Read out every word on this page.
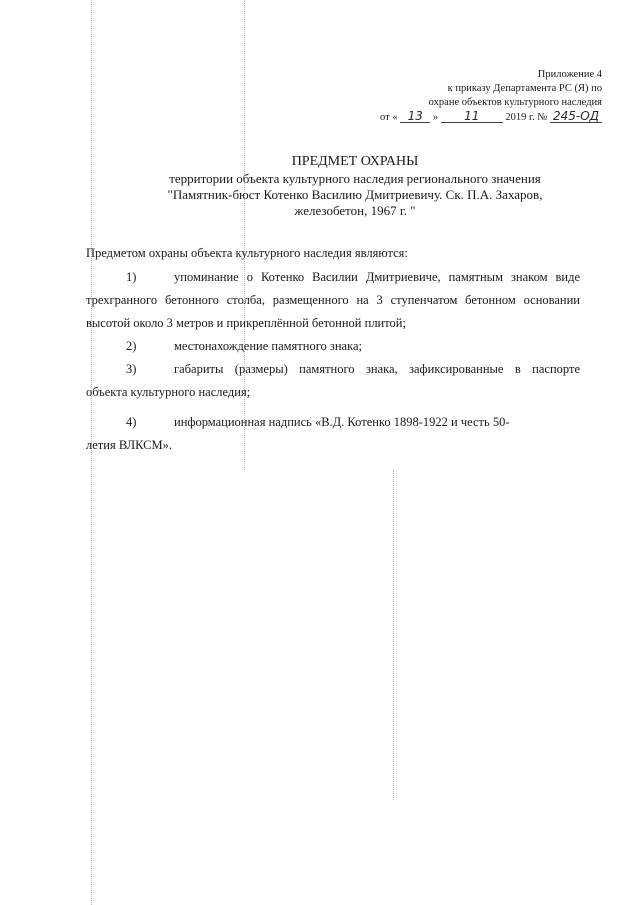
Приложение 4
к приказу Департамента РС (Я) по
охране объектов культурного наследия
от « 13 » 11 2019 г. № 245-ОД
ПРЕДМЕТ ОХРАНЫ
территории объекта культурного наследия регионального значения
"Памятник-бюст Котенко Василию Дмитриевичу. Ск. П.А. Захаров,
железобетон, 1967 г. "
Предметом охраны объекта культурного наследия являются:
1)	упоминание о Котенко Василии Дмитриевиче, памятным знаком виде
трехгранного бетонного столба, размещенного на 3 ступенчатом бетонном основании
высотой около 3 метров и прикреплённой бетонной плитой;
2)	местонахождение памятного знака;
3)	габариты (размеры) памятного знака, зафиксированные в паспорте
объекта культурного наследия;
4)	информационная надпись «В.Д. Котенко 1898-1922 и честь 50-
летия ВЛКСМ».
